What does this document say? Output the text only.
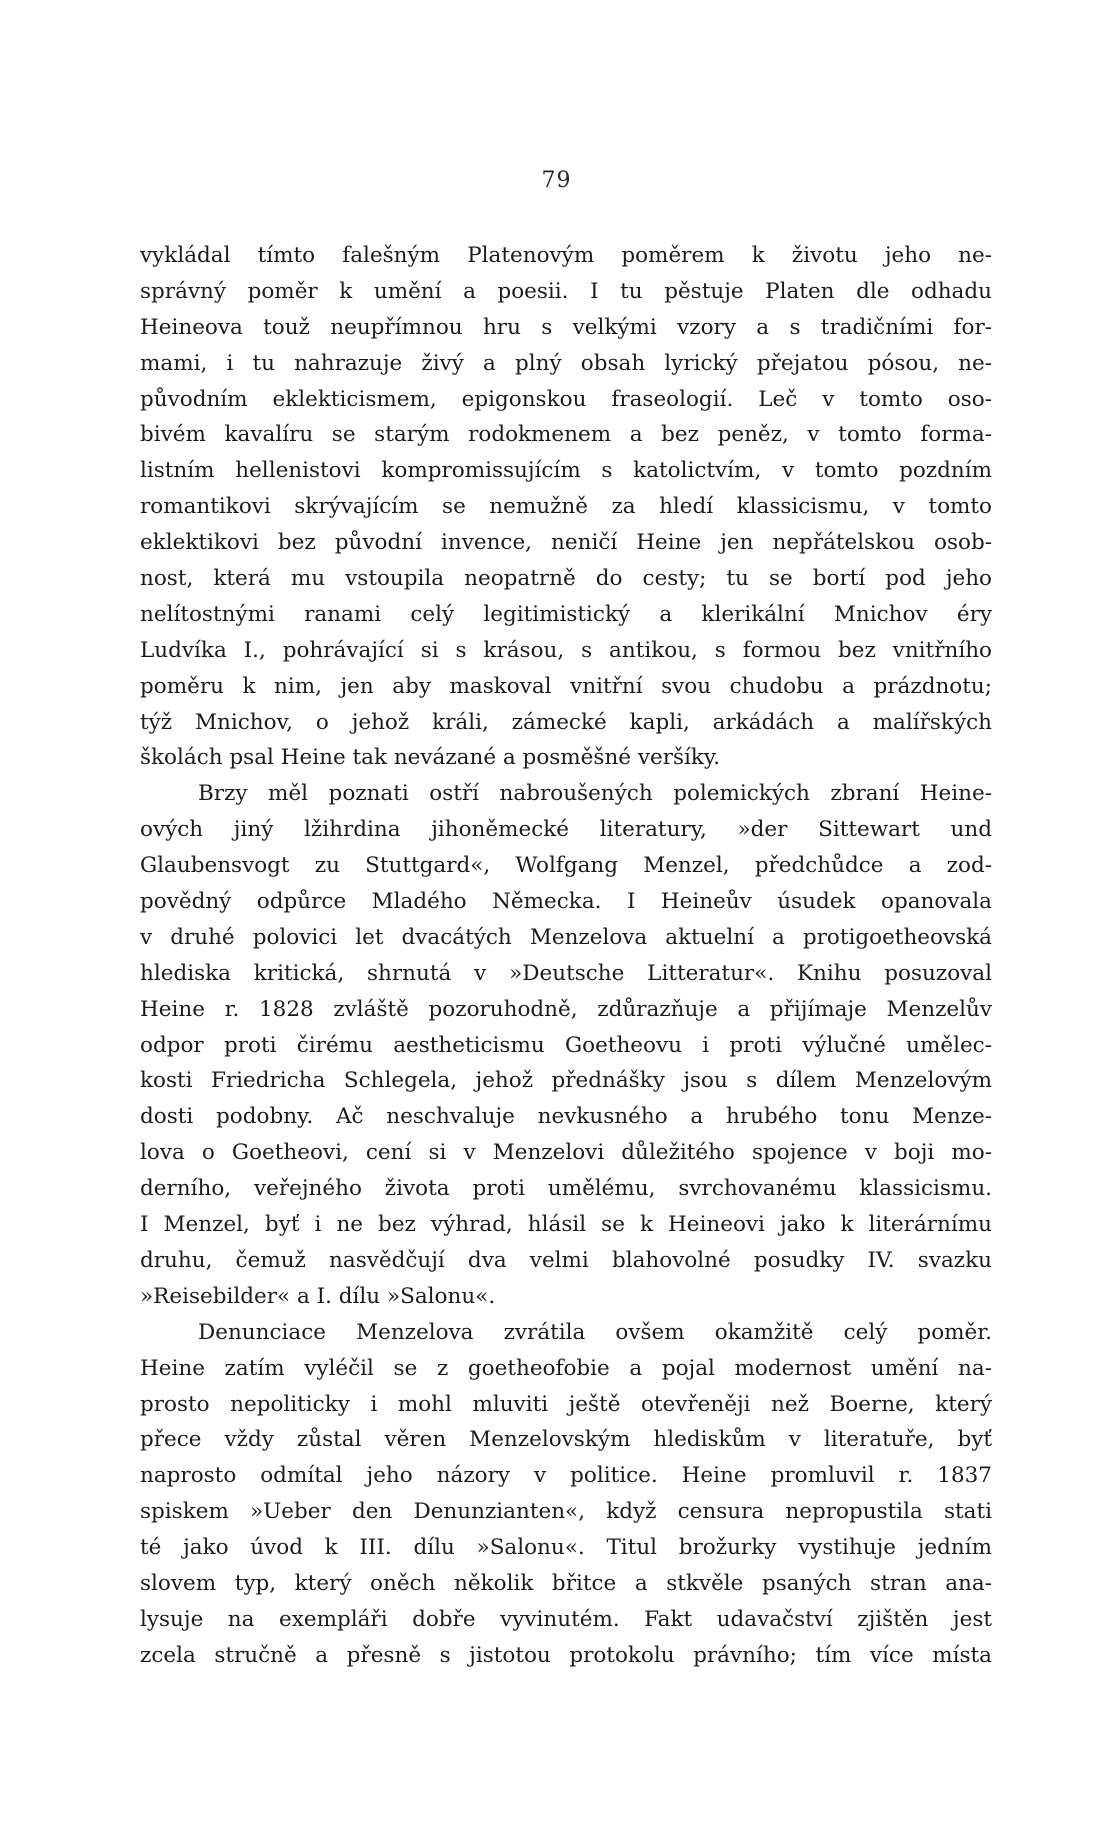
79
vykládal tímto falešným Platenovým poměrem k životu jeho ne-
správný poměr k umění a poesii. I tu pěstuje Platen dle odhadu
Heineova touž neupřímnou hru s velkými vzory a s tradičními for-
mami, i tu nahrazuje živý a plný obsah lyrický přejatou pósou, ne-
původním eklekticismem, epigonskou fraseologií. Leč v tomto oso-
bivém kavalíru se starým rodokmenem a bez peněz, v tomto forma-
listním hellenistovi kompromissujícím s katolictvím, v tomto pozdním
romantikovi skrývajícím se nemužně za hledí klassicismu, v tomto
eklektikovi bez původní invence, neničí Heine jen nepřátelskou osob-
nost, která mu vstoupila neopatrně do cesty; tu se bortí pod jeho
nelítostnými ranami celý legitimistický a klerikální Mnichov éry
Ludvíka I., pohrávající si s krásou, s antikou, s formou bez vnitřního
poměru k nim, jen aby maskoval vnitřní svou chudobu a prázdnotu;
týž Mnichov, o jehož králi, zámecké kapli, arkádách a malířských
školách psal Heine tak nevázané a posměšné veršíky.
Brzy měl poznati ostří nabroušených polemických zbraní Heine-
ových jiný lžihrdina jihoněmecké literatury, »der Sittewart und
Glaubensvogt zu Stuttgard«, Wolfgang Menzel, předchůdce a zod-
povědný odpůrce Mladého Německa. I Heineův úsudek opanovala
v druhé polovici let dvacátých Menzelova aktuelní a protigoetheovská
hlediska kritická, shrnutá v »Deutsche Litteratur«. Knihu posuzoval
Heine r. 1828 zvláště pozoruhodně, zdůrazňuje a přijímaje Menzelův
odpor proti čirému aestheticismu Goetheovu i proti výlučné umělec-
kosti Friedricha Schlegela, jehož přednášky jsou s dílem Menzelovým
dosti podobny. Ač neschvaluje nevkusného a hrubého tonu Menze-
lova o Goetheovi, cení si v Menzelovi důležitého spojence v boji mo-
derního, veřejného života proti umělému, svrchovanému klassicismu.
I Menzel, byť i ne bez výhrad, hlásil se k Heineovi jako k literárnímu
druhu, čemuž nasvědčují dva velmi blahovolné posudky IV. svazku
»Reisebilder« a I. dílu »Salonu«.
Denunciace Menzelova zvrátila ovšem okamžitě celý poměr.
Heine zatím vyléčil se z goetheofobie a pojal modernost umění na-
prosto nepoliticky i mohl mluviti ještě otevřeněji než Boerne, který
přece vždy zůstal věren Menzelovským hlediskům v literatuře, byť
naprosto odmítal jeho názory v politice. Heine promluvil r. 1837
spiskem »Ueber den Denunzianten«, když censura nepropustila stati
té jako úvod k III. dílu »Salonu«. Titul brožurky vystihuje jedním
slovem typ, který oněch několik břitce a stkvěle psaných stran ana-
lysuje na exempláři dobře vyvinutém. Fakt udavačství zjištěn jest
zcela stručně a přesně s jistotou protokolu právního; tím více místa
